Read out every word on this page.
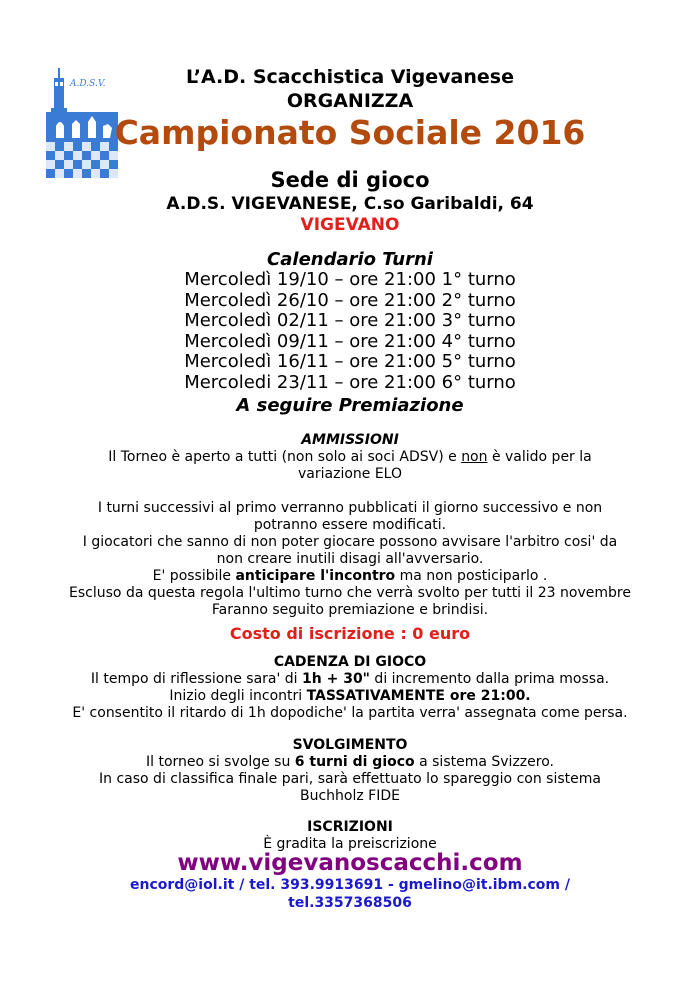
A.D.S.V.	L’A.D. Scacchistica Vigevanese

ORGANIZZA

Campionato Sociale 2016

Sede di gioco

A.D.S. VIGEVANESE, C.so Garibaldi, 64

VIGEVANO

Calendario Turni

Mercoledì 19/10 – ore 21:00 1° turno
Mercoledì 26/10 – ore 21:00 2° turno
Mercoledì 02/11 – ore 21:00 3° turno
Mercoledì 09/11 – ore 21:00 4° turno
Mercoledì 16/11 – ore 21:00 5° turno
Mercoledi 23/11 – ore 21:00 6° turno

A seguire Premiazione

AMMISSIONI
Il Torneo è aperto a tutti (non solo ai soci ADSV) e non è valido per la variazione ELO
I turni successivi al primo verranno pubblicati il giorno successivo e non potranno essere modificati.
I giocatori che sanno di non poter giocare possono avvisare l'arbitro cosi' da non creare inutili disagi all'avversario.
E' possibile anticipare l'incontro ma non posticiparlo .
Escluso da questa regola l'ultimo turno che verrà svolto per tutti il 23 novembre
Faranno seguito premiazione e brindisi.
Costo di iscrizione : 0 euro
CADENZA DI GIOCO
Il tempo di riflessione sara' di 1h + 30" di incremento dalla prima mossa.
Inizio degli incontri TASSATIVAMENTE ore 21:00.
E' consentito il ritardo di 1h dopodiche' la partita verra' assegnata come persa.
SVOLGIMENTO
Il torneo si svolge su 6 turni di gioco a sistema Svizzero.
In caso di classifica finale pari, sarà effettuato lo spareggio con sistema Buchholz FIDE
ISCRIZIONI
È gradita la preiscrizione
www.vigevanoscacchi.com
encord@iol.it / tel. 393.9913691 - gmelino@it.ibm.com /
tel.3357368506
